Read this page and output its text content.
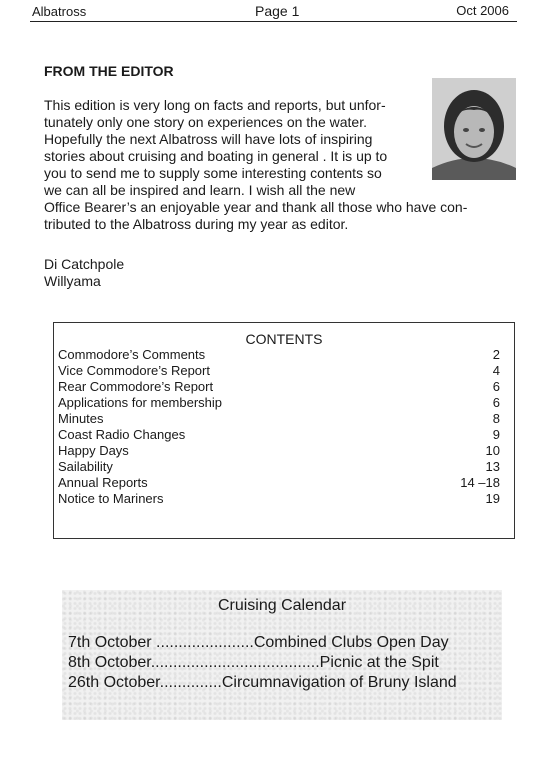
Albatross	Page 1	Oct 2006
FROM THE EDITOR
This edition is very long on facts and reports, but unfor-
tunately only one story on experiences on the water.
Hopefully the next Albatross will have lots of inspiring
stories about cruising and boating in general . It is up to
you to send me to supply some interesting contents so
we can all be inspired and learn. I wish all the new
Office Bearer’s an enjoyable year and thank all those who have con-
tributed to the Albatross during my year as editor.
Di Catchpole
Willyama
CONTENTS
Commodore’s Comments	2
Vice Commodore’s Report	4
Rear Commodore’s Report	6
Applications for membership	6
Minutes	8
Coast Radio Changes	9
Happy Days	10
Sailability	13
Annual Reports	14 –18
Notice to Mariners	19
Cruising Calendar
7th October ......................Combined Clubs Open Day
8th October......................................Picnic at the Spit
26th October..............Circumnavigation of Bruny Island
